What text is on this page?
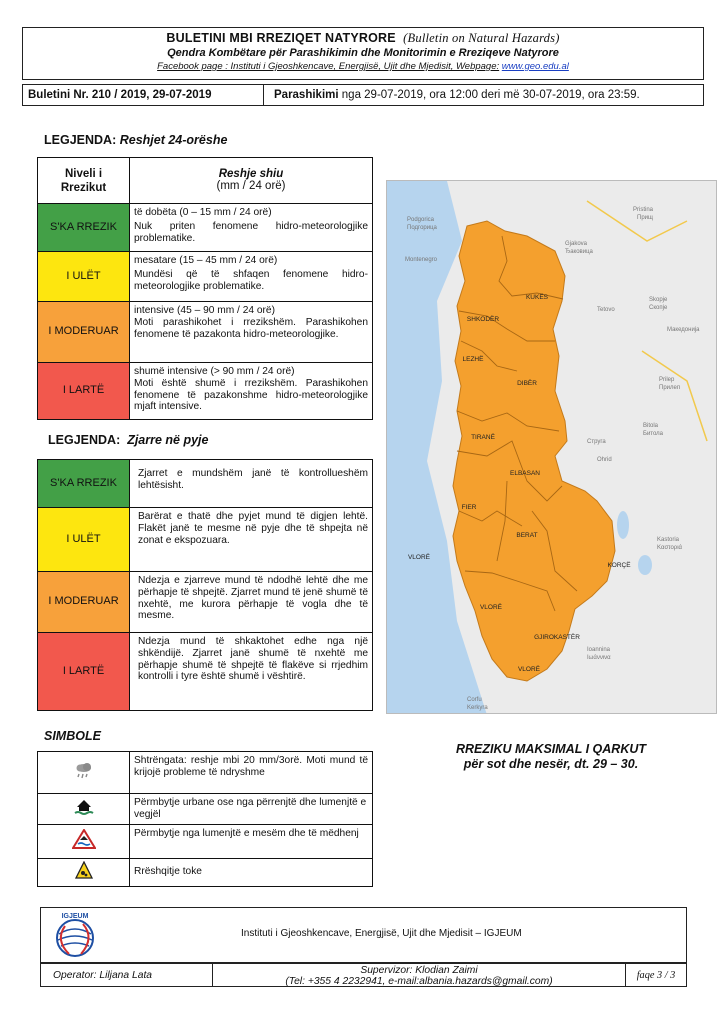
BULETINI MBI RREZIQET NATYRORE (Bulletin on Natural Hazards)
Qendra Kombëtare për Parashikimin dhe Monitorimin e Rreziqeve Natyrore
Facebook page : Instituti i Gjeoshkencave, Energjisë, Ujit dhe Mjedisit, Webpage: www.geo.edu.al
Buletini Nr. 210 / 2019, 29-07-2019	Parashikimi nga 29-07-2019, ora 12:00 deri më 30-07-2019, ora 23:59.
LEGJENDA: Reshjet 24-orëshe
Niveli i Rrezikut	Reshje shiu
(mm / 24 orë)

S'KA RREZIK	të dobëta (0 – 15 mm / 24 orë)
Nuk priten fenomene hidro-meteorologjike problematike.

I ULËT	mesatare (15 – 45 mm / 24 orë)
Mundësi që të shfaqen fenomene hidro-meteorologjike problematike.

I MODERUAR	intensive (45 – 90 mm / 24 orë)
Moti parashikohet i rrezikshëm. Parashikohen fenomene të pazakonta hidro-meteorologjike.

I LARTË	shumë intensive (> 90 mm / 24 orë)
Moti është shumë i rrezikshëm. Parashikohen fenomene të pazakonshme hidro-meteorologjike mjaft intensive.
LEGJENDA: Zjarre në pyje
S'KA RREZIK	Zjarret e mundshëm janë të kontrollueshëm lehtësisht.
I ULËT	Barërat e thatë dhe pyjet mund të digjen lehtë. Flakët janë te mesme në pyje dhe të shpejta në zonat e ekspozuara.
I MODERUAR	Ndezja e zjarreve mund të ndodhë lehtë dhe me përhapje të shpejtë. Zjarret mund të jenë shumë të nxehtë, me kurora përhapje të vogla dhe të mesme.
I LARTË	Ndezja mund të shkaktohet edhe nga një shkëndijë. Zjarret janë shumë të nxehtë me përhapje shumë të shpejtë të flakëve si rrjedhim kontrolli i tyre është shumë i vështirë.
SIMBOLE
	Shtrëngata: reshje mbi 20 mm/3orë. Moti mund të krijojë probleme të ndryshme
	Përmbytje urbane ose nga përrenjtë dhe lumenjtë e vegjël
	Përmbytje nga lumenjtë e mesëm dhe të mëdhenj
	Rrëshqitje toke
SHKODËR
KUKËS
LEZHË
DIBËR
TIRANË
ELBASAN
FIER
BERAT
KORÇË
VLORË
VLORË
GJIROKASTËR
VLORË
Podgorica
Подгорица
Gjakova
Ђаковица
Pristina
Прищ
Skopje
Скопје
Tetovo
Prilep
Прилеп
Bitola
Битола
Струга
Ohrid
Kastoria
Kαστοριά
Ioannina
Ιωάννινα
Corfu
Kerkyra
Montenegro
Македонија
RREZIKU MAKSIMAL I QARKUT
për sot dhe nesër, dt. 29 – 30.
IGJEUM
Instituti i Gjeoshkencave, Energjisë, Ujit dhe Mjedisit – IGJEUM
Operator: Liljana Lata	Supervizor: Klodian Zaimi
(Tel: +355 4 2232941, e-mail:albania.hazards@gmail.com)
faqe 3 / 3
